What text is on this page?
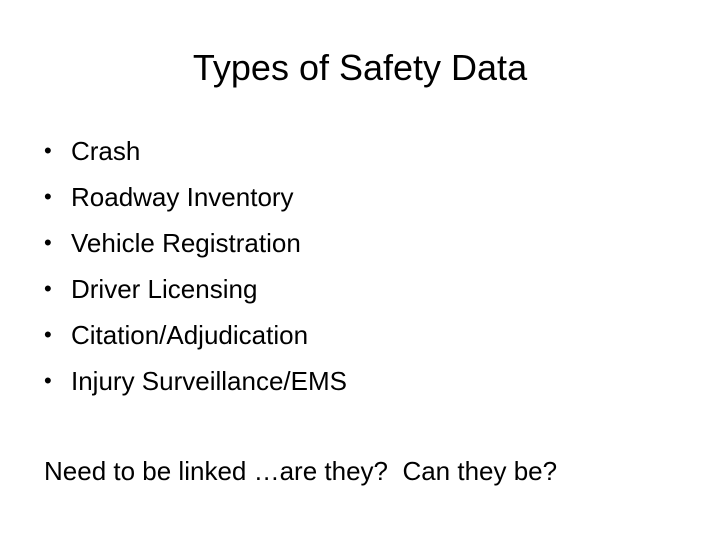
Types of Safety Data
• Crash
• Roadway Inventory
• Vehicle Registration
• Driver Licensing
• Citation/Adjudication
• Injury Surveillance/EMS

Need to be linked …are they?  Can they be?
